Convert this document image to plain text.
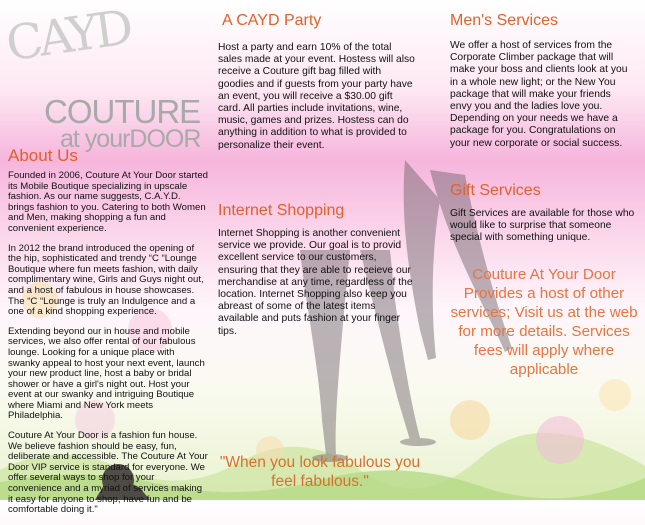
CAYD
COUTURE
at yourDOOR
About Us

Founded in 2006, Couture At Your Door started its Mobile Boutique specializing in upscale fashion. As our name suggests, C.A.Y.D. brings fashion to you. Catering to both Women and Men, making shopping a fun and convenient experience.

In 2012 the brand introduced the opening of the hip, sophisticated and trendy “C “Lounge Boutique where fun meets fashion, with daily complimentary wine, Girls and Guys night out, and a host of fabulous in house showcases. The “C “Lounge is truly an Indulgence and a one of a kind shopping experience.

Extending beyond our in house and mobile services, we also offer rental of our fabulous lounge. Looking for a unique place with swanky appeal to host your next event, launch your new product line, host a baby or bridal shower or have a girl's night out. Host your event at our swanky and intriguing Boutique where Miami and New York meets Philadelphia.

Couture At Your Door is a fashion fun house. We believe fashion should be easy, fun, deliberate and accessible. The Couture At Your Door VIP service is standard for everyone. We offer several ways to shop for your convenience and a myriad of services making it easy for anyone to shop, have fun and be comfortable doing it."

A CAYD Party
Host a party and earn 10% of the total sales made at your event. Hostess will also receive a Couture gift bag filled with goodies and if guests from your party have an event, you will receive a $30.00 gift card. All parties include invitations, wine, music, games and prizes. Hostess can do anything in addition to what is provided to personalize their event.
Internet Shopping
Internet Shopping is another convenient service we provide. Our goal is to provid excellent service to our customers, ensuring that they are able to receieve our merchandise at any time, regardless of the location. Internet Shopping also keep you abreast of some of the latest items available and puts fashion at your finger tips.
Men's Services
We offer a host of services from the Corporate Climber package that will make your boss and clients look at you in a whole new light; or the New You package that will make your friends envy you and the ladies love you. Depending on your needs we have a package for you. Congratulations on your new corporate or social success.
Gift Services
Gift Services are available for those who would like to surprise that someone special with something unique.
Couture At Your Door Provides a host of other services; Visit us at the web for more details. Services fees will apply where applicable
"When you look fabulous you feel fabulous."
